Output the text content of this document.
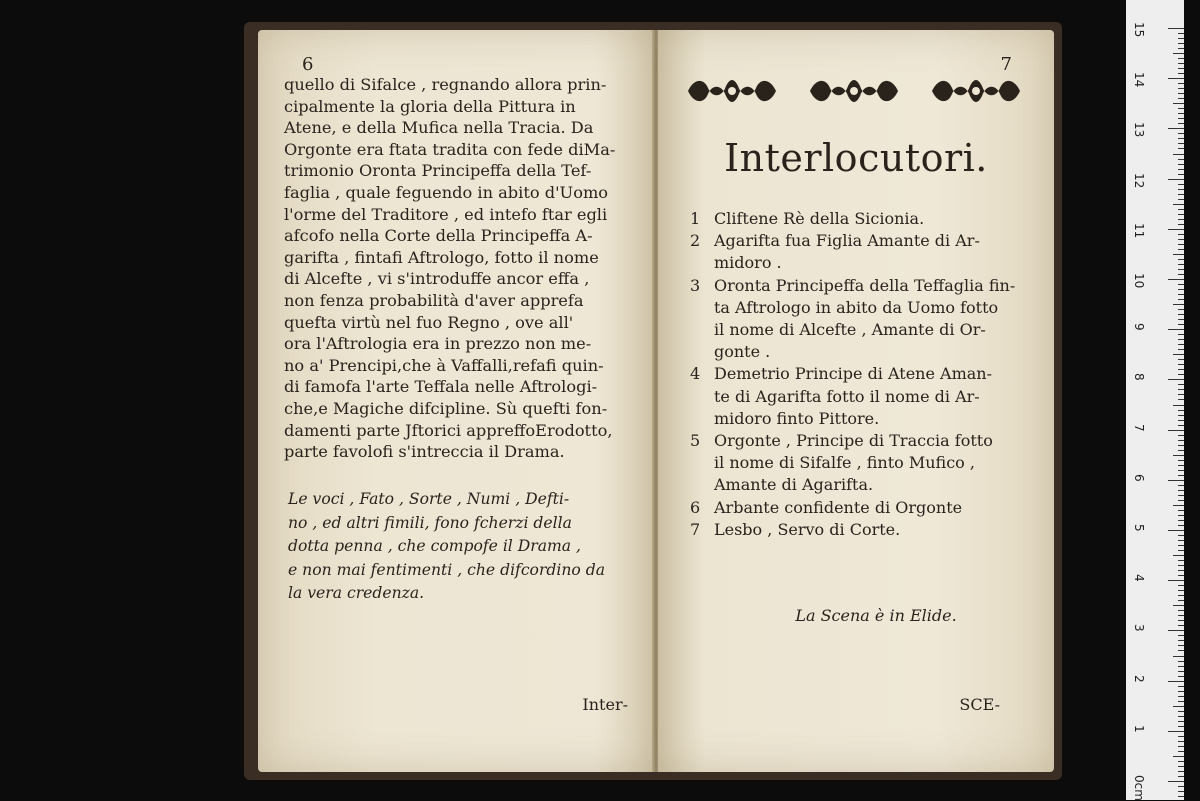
6
quello di Sifalce , regnando allora prin-
cipalmente la gloria della Pittura in
Atene, e della Mufica nella Tracia. Da
Orgonte era ftata tradita con fede diMa-
trimonio Oronta Principeffa della Tef-
faglia , quale feguendo in abito d'Uomo
l'orme del Traditore , ed intefo ftar egli
afcofo nella Corte della Principeffa A-
garifta , fintafi Aftrologo, fotto il nome
di Alcefte , vi s'introduffe ancor effa ,
non fenza probabilità d'aver apprefa
quefta virtù nel fuo Regno , ove all'
ora l'Aftrologia era in prezzo non me-
no a' Prencipi,che à Vaffalli,refafi quin-
di famofa l'arte Teffala nelle Aftrologi-
che,e Magiche difcipline. Sù quefti fon-
damenti parte Jftorici appreffoErodotto,
parte favolofi s'intreccia il Drama.
Le voci , Fato , Sorte , Numi , Defti-
no , ed altri fimili, fono fcherzi della
dotta penna , che compofe il Drama ,
e non mai fentimenti , che difcordino da
la vera credenza.
Inter-
7
Interlocutori.
1 Cliftene Rè della Sicionia.
2 Agarifta fua Figlia Amante di Ar-
midoro .
3 Oronta Principeffa della Teffaglia fin-
ta Aftrologo in abito da Uomo fotto
il nome di Alcefte , Amante di Or-
gonte .
4 Demetrio Principe di Atene Aman-
te di Agarifta fotto il nome di Ar-
midoro finto Pittore.
5 Orgonte , Principe di Traccia fotto
il nome di Sifalfe , finto Mufico ,
Amante di Agarifta.
6 Arbante confidente di Orgonte
7 Lesbo , Servo di Corte.
La Scena è in Elide.
SCE-
15
14
13
12
11
10
9
8
7
6
5
4
3
2
1
0cm
